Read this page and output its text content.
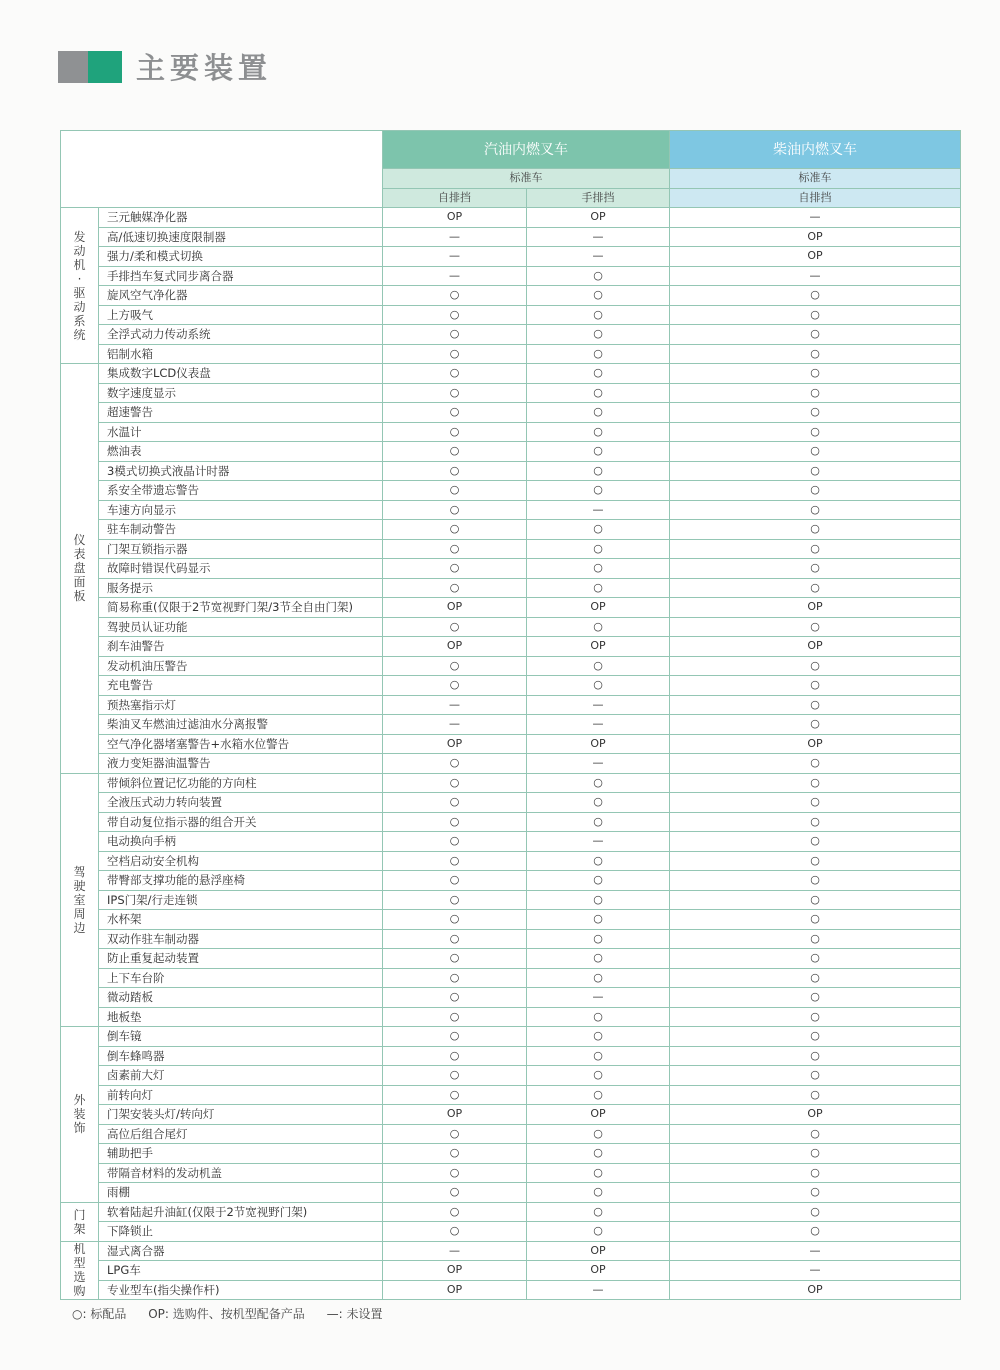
主要装置
		汽油内燃叉车		柴油内燃叉车
		标准车		标准车
		自排挡	手排挡	自排挡
发动机·驱动系统	三元触媒净化器	OP	OP	—
	高/低速切换速度限制器	—	—	OP
	强力/柔和模式切换	—	—	OP
	手排挡车复式同步离合器	—	○	—
	旋风空气净化器	○	○	○
	上方吸气	○	○	○
	全浮式动力传动系统	○	○	○
	铝制水箱	○	○	○
仪表盘面板	集成数字LCD仪表盘	○	○	○
	数字速度显示	○	○	○
	超速警告	○	○	○
	水温计	○	○	○
	燃油表	○	○	○
	3模式切换式液晶计时器	○	○	○
	系安全带遗忘警告	○	○	○
	车速方向显示	○	—	○
	驻车制动警告	○	○	○
	门架互锁指示器	○	○	○
	故障时错误代码显示	○	○	○
	服务提示	○	○	○
	简易称重(仅限于2节宽视野门架/3节全自由门架)	OP	OP	OP
	驾驶员认证功能	○	○	○
	刹车油警告	OP	OP	OP
	发动机油压警告	○	○	○
	充电警告	○	○	○
	预热塞指示灯	—	—	○
	柴油叉车燃油过滤油水分离报警	—	—	○
	空气净化器堵塞警告+水箱水位警告	OP	OP	OP
	液力变矩器油温警告	○	—	○
驾驶室周边	带倾斜位置记忆功能的方向柱	○	○	○
	全液压式动力转向装置	○	○	○
	带自动复位指示器的组合开关	○	○	○
	电动换向手柄	○	—	○
	空档启动安全机构	○	○	○
	带臀部支撑功能的悬浮座椅	○	○	○
	IPS门架/行走连锁	○	○	○
	水杯架	○	○	○
	双动作驻车制动器	○	○	○
	防止重复起动装置	○	○	○
	上下车台阶	○	○	○
	微动踏板	○	—	○
	地板垫	○	○	○
外装饰	倒车镜	○	○	○
	倒车蜂鸣器	○	○	○
	卤素前大灯	○	○	○
	前转向灯	○	○	○
	门架安装头灯/转向灯	OP	OP	OP
	高位后组合尾灯	○	○	○
	辅助把手	○	○	○
	带隔音材料的发动机盖	○	○	○
	雨棚	○	○	○
门架	软着陆起升油缸(仅限于2节宽视野门架)	○	○	○
	下降锁止	○	○	○
机型选购	湿式离合器	—	OP	—
	LPG车	OP	OP	—
	专业型车(指尖操作杆)	OP	—	OP
○: 标配品 OP: 选购件、按机型配备产品 —: 未设置
